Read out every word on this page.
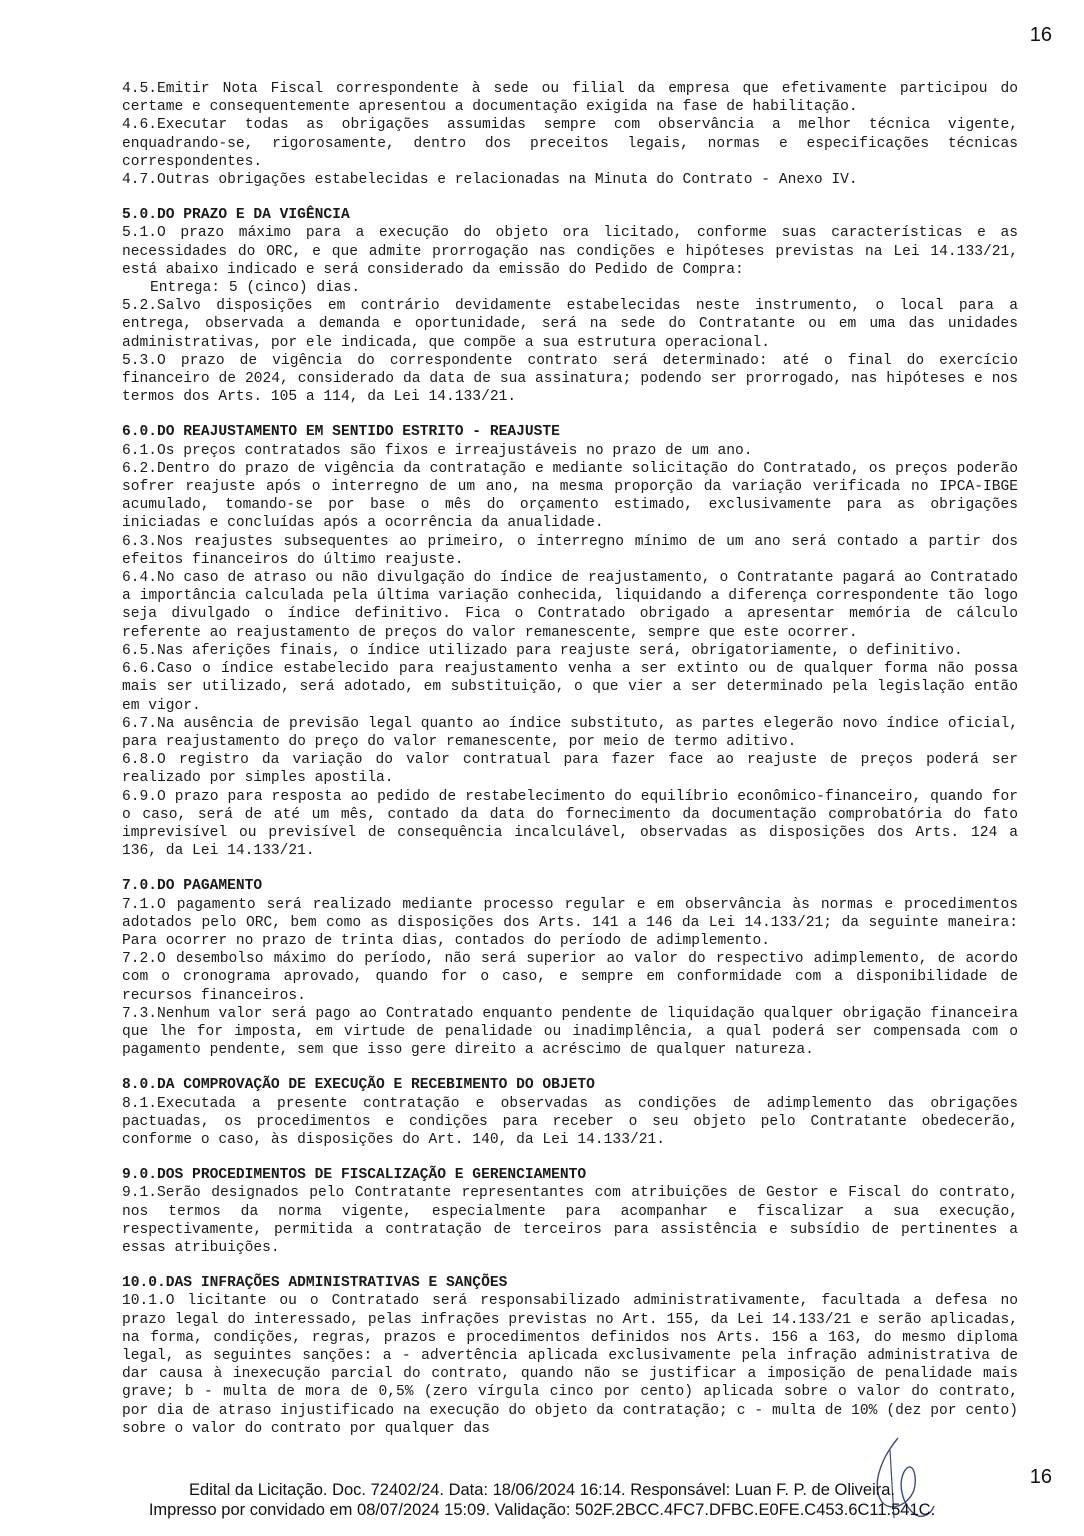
16

4.5.Emitir Nota Fiscal correspondente à sede ou filial da empresa que efetivamente participou do certame e consequentemente apresentou a documentação exigida na fase de habilitação.

4.6.Executar todas as obrigações assumidas sempre com observância a melhor técnica vigente, enquadrando-se, rigorosamente, dentro dos preceitos legais, normas e especificações técnicas correspondentes.

4.7.Outras obrigações estabelecidas e relacionadas na Minuta do Contrato - Anexo IV.

5.0.DO PRAZO E DA VIGÊNCIA

5.1.O prazo máximo para a execução do objeto ora licitado, conforme suas características e as necessidades do ORC, e que admite prorrogação nas condições e hipóteses previstas na Lei 14.133/21, está abaixo indicado e será considerado da emissão do Pedido de Compra:

Entrega: 5 (cinco) dias.

5.2.Salvo disposições em contrário devidamente estabelecidas neste instrumento, o local para a entrega, observada a demanda e oportunidade, será na sede do Contratante ou em uma das unidades administrativas, por ele indicada, que compõe a sua estrutura operacional.

5.3.O prazo de vigência do correspondente contrato será determinado: até o final do exercício financeiro de 2024, considerado da data de sua assinatura; podendo ser prorrogado, nas hipóteses e nos termos dos Arts. 105 a 114, da Lei 14.133/21.

6.0.DO REAJUSTAMENTO EM SENTIDO ESTRITO - REAJUSTE

6.1.Os preços contratados são fixos e irreajustáveis no prazo de um ano.

6.2.Dentro do prazo de vigência da contratação e mediante solicitação do Contratado, os preços poderão sofrer reajuste após o interregno de um ano, na mesma proporção da variação verificada no IPCA-IBGE acumulado, tomando-se por base o mês do orçamento estimado, exclusivamente para as obrigações iniciadas e concluídas após a ocorrência da anualidade.

6.3.Nos reajustes subsequentes ao primeiro, o interregno mínimo de um ano será contado a partir dos efeitos financeiros do último reajuste.

6.4.No caso de atraso ou não divulgação do índice de reajustamento, o Contratante pagará ao Contratado a importância calculada pela última variação conhecida, liquidando a diferença correspondente tão logo seja divulgado o índice definitivo. Fica o Contratado obrigado a apresentar memória de cálculo referente ao reajustamento de preços do valor remanescente, sempre que este ocorrer.

6.5.Nas aferições finais, o índice utilizado para reajuste será, obrigatoriamente, o definitivo.

6.6.Caso o índice estabelecido para reajustamento venha a ser extinto ou de qualquer forma não possa mais ser utilizado, será adotado, em substituição, o que vier a ser determinado pela legislação então em vigor.

6.7.Na ausência de previsão legal quanto ao índice substituto, as partes elegerão novo índice oficial, para reajustamento do preço do valor remanescente, por meio de termo aditivo.

6.8.O registro da variação do valor contratual para fazer face ao reajuste de preços poderá ser realizado por simples apostila.

6.9.O prazo para resposta ao pedido de restabelecimento do equilíbrio econômico-financeiro, quando for o caso, será de até um mês, contado da data do fornecimento da documentação comprobatória do fato imprevisível ou previsível de consequência incalculável, observadas as disposições dos Arts. 124 a 136, da Lei 14.133/21.

7.0.DO PAGAMENTO

7.1.O pagamento será realizado mediante processo regular e em observância às normas e procedimentos adotados pelo ORC, bem como as disposições dos Arts. 141 a 146 da Lei 14.133/21; da seguinte maneira: Para ocorrer no prazo de trinta dias, contados do período de adimplemento.

7.2.O desembolso máximo do período, não será superior ao valor do respectivo adimplemento, de acordo com o cronograma aprovado, quando for o caso, e sempre em conformidade com a disponibilidade de recursos financeiros.

7.3.Nenhum valor será pago ao Contratado enquanto pendente de liquidação qualquer obrigação financeira que lhe for imposta, em virtude de penalidade ou inadimplência, a qual poderá ser compensada com o pagamento pendente, sem que isso gere direito a acréscimo de qualquer natureza.

8.0.DA COMPROVAÇÃO DE EXECUÇÃO E RECEBIMENTO DO OBJETO

8.1.Executada a presente contratação e observadas as condições de adimplemento das obrigações pactuadas, os procedimentos e condições para receber o seu objeto pelo Contratante obedecerão, conforme o caso, às disposições do Art. 140, da Lei 14.133/21.

9.0.DOS PROCEDIMENTOS DE FISCALIZAÇÃO E GERENCIAMENTO

9.1.Serão designados pelo Contratante representantes com atribuições de Gestor e Fiscal do contrato, nos termos da norma vigente, especialmente para acompanhar e fiscalizar a sua execução, respectivamente, permitida a contratação de terceiros para assistência e subsídio de pertinentes a essas atribuições.

10.0.DAS INFRAÇÕES ADMINISTRATIVAS E SANÇÕES

10.1.O licitante ou o Contratado será responsabilizado administrativamente, facultada a defesa no prazo legal do interessado, pelas infrações previstas no Art. 155, da Lei 14.133/21 e serão aplicadas, na forma, condições, regras, prazos e procedimentos definidos nos Arts. 156 a 163, do mesmo diploma legal, as seguintes sanções: a - advertência aplicada exclusivamente pela infração administrativa de dar causa à inexecução parcial do contrato, quando não se justificar a imposição de penalidade mais grave; b - multa de mora de 0,5% (zero vírgula cinco por cento) aplicada sobre o valor do contrato, por dia de atraso injustificado na execução do objeto da contratação; c - multa de 10% (dez por cento) sobre o valor do contrato por qualquer das

16
Edital da Licitação. Doc. 72402/24. Data: 18/06/2024 16:14. Responsável: Luan F. P. de Oliveira.
Impresso por convidado em 08/07/2024 15:09. Validação: 502F.2BCC.4FC7.DFBC.E0FE.C453.6C11.541C.
